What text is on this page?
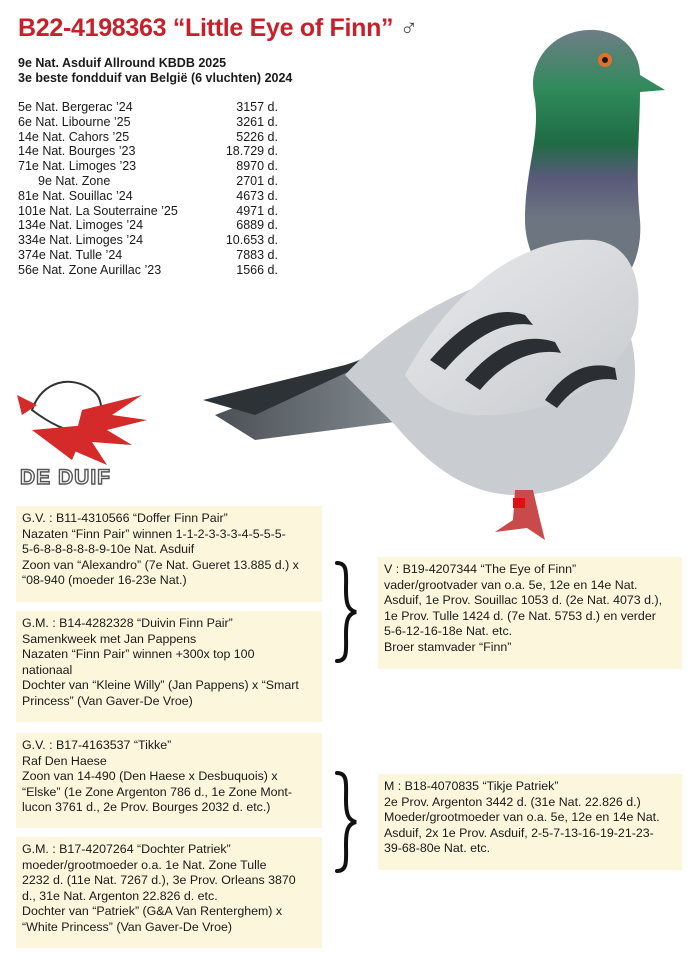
B22-4198363 “Little Eye of Finn” ♂
9e Nat. Asduif Allround KBDB 2025
3e beste fondduif van België (6 vluchten) 2024
5e Nat. Bergerac ’24	3157 d.
6e Nat. Libourne ’25	3261 d.
14e Nat. Cahors ’25	5226 d.
14e Nat. Bourges ’23	18.729 d.
71e Nat. Limoges ’23	8970 d.
9e Nat. Zone	2701 d.
81e Nat. Souillac ’24	4673 d.
101e Nat. La Souterraine ’25	4971 d.
134e Nat. Limoges ’24	6889 d.
334e Nat. Limoges ’24	10.653 d.
374e Nat. Tulle ’24	7883 d.
56e Nat. Zone Aurillac ’23	1566 d.
DE DUIF

G.V. : B11-4310566 “Doffer Finn Pair”

Nazaten “Finn Pair” winnen 1-1-2-3-3-3-4-5-5-5-

5-6-8-8-8-8-8-9-10e Nat. Asduif

Zoon van “Alexandro” (7e Nat. Gueret 13.885 d.) x

“08-940 (moeder 16-23e Nat.)

G.M. : B14-4282328 “Duivin Finn Pair”

Samenkweek met Jan Pappens

Nazaten “Finn Pair” winnen +300x top 100

nationaal

Dochter van “Kleine Willy” (Jan Pappens) x “Smart

Princess” (Van Gaver-De Vroe)

G.V. : B17-4163537 “Tikke”

Raf Den Haese

Zoon van 14-490 (Den Haese x Desbuquois) x

“Elske” (1e Zone Argenton 786 d., 1e Zone Mont-

lucon 3761 d., 2e Prov. Bourges 2032 d. etc.)

G.M. : B17-4207264 “Dochter Patriek”

moeder/grootmoeder o.a. 1e Nat. Zone Tulle

2232 d. (11e Nat. 7267 d.), 3e Prov. Orleans 3870

d., 31e Nat. Argenton 22.826 d. etc.

Dochter van “Patriek” (G&A Van Renterghem) x

“White Princess” (Van Gaver-De Vroe)

V : B19-4207344 “The Eye of Finn”

vader/grootvader van o.a. 5e, 12e en 14e Nat.

Asduif, 1e Prov. Souillac 1053 d. (2e Nat. 4073 d.),

1e Prov. Tulle 1424 d. (7e Nat. 5753 d.) en verder

5-6-12-16-18e Nat. etc.

Broer stamvader “Finn”

M : B18-4070835 “Tikje Patriek”

2e Prov. Argenton 3442 d. (31e Nat. 22.826 d.)

Moeder/grootmoeder van o.a. 5e, 12e en 14e Nat.

Asduif, 2x 1e Prov. Asduif, 2-5-7-13-16-19-21-23-

39-68-80e Nat. etc.
